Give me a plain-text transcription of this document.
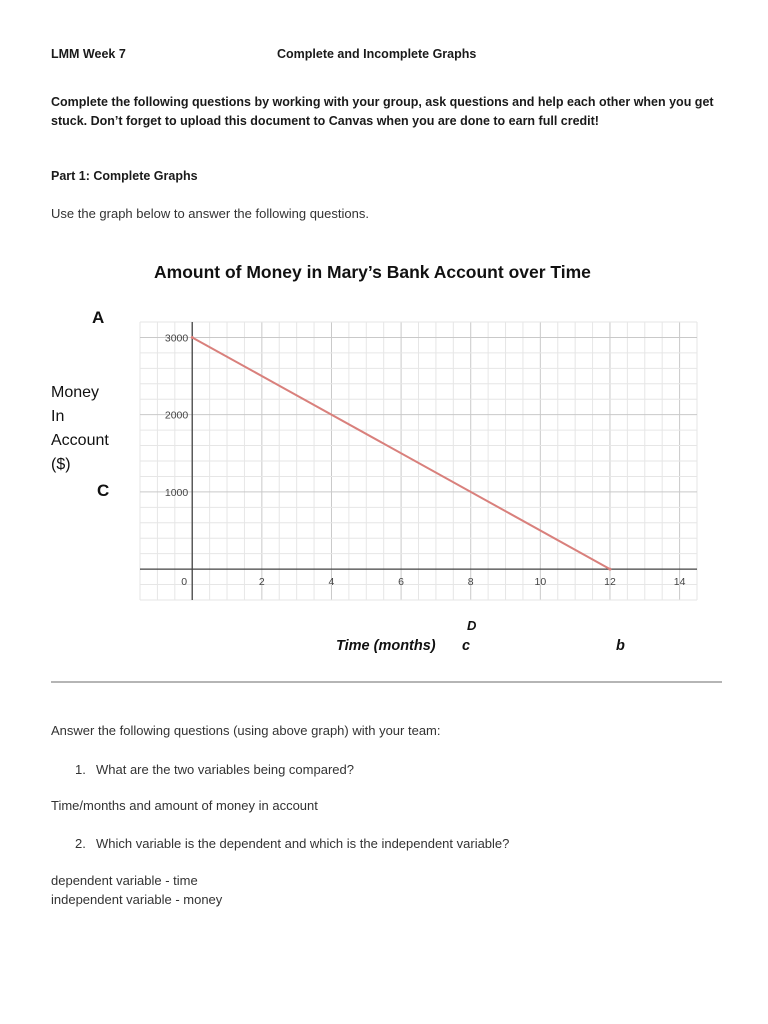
LMM Week 7	Complete and Incomplete Graphs
Complete the following questions by working with your group, ask questions and help each other when you get stuck. Don’t forget to upload this document to Canvas when you are done to earn full credit!
Part 1: Complete Graphs
Use the graph below to answer the following questions.
Amount of Money in Mary’s Bank Account over Time
A
Money
In
Account
($)
C
0	2	4	6	8	10	12	14
1000
2000
3000
D
Time (months) c	b
Answer the following questions (using above graph) with your team:
1. What are the two variables being compared?
Time/months and amount of money in account
2. Which variable is the dependent and which is the independent variable?
dependent variable - time
independent variable - money
